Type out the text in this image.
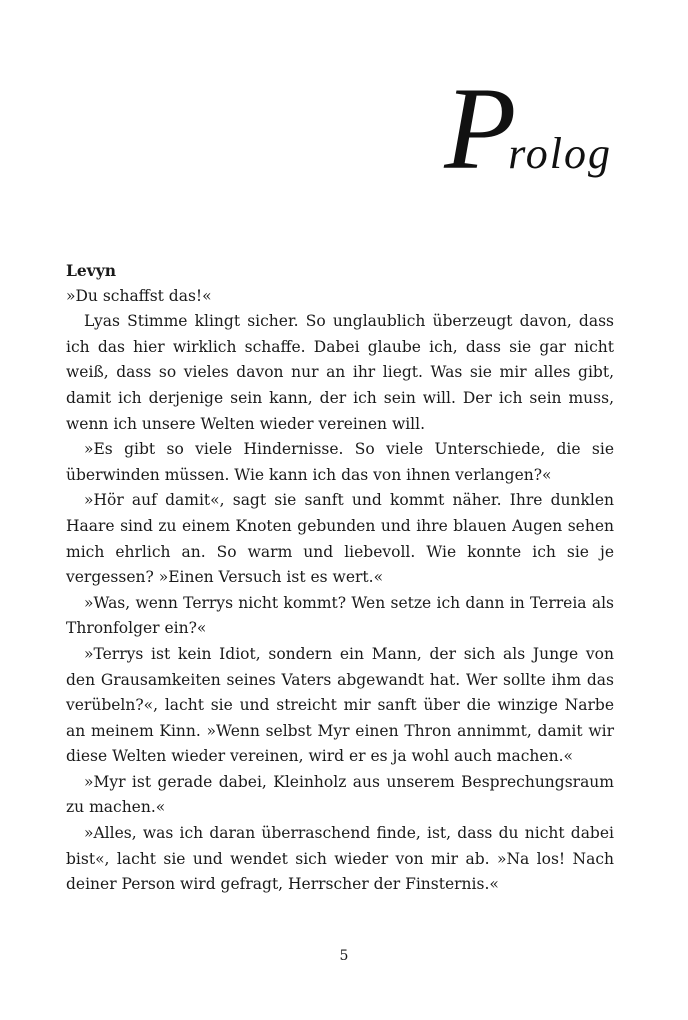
Prolog

Levyn

»Du schaffst das!«

Lyas Stimme klingt sicher. So unglaublich überzeugt davon, dass ich das hier wirklich schaffe. Dabei glaube ich, dass sie gar nicht weiß, dass so vieles davon nur an ihr liegt. Was sie mir alles gibt, damit ich derjenige sein kann, der ich sein will. Der ich sein muss, wenn ich unsere Welten wieder vereinen will.

»Es gibt so viele Hindernisse. So viele Unterschiede, die sie überwinden müssen. Wie kann ich das von ihnen verlangen?«

»Hör auf damit«, sagt sie sanft und kommt näher. Ihre dunklen Haare sind zu einem Knoten gebunden und ihre blauen Augen sehen mich ehrlich an. So warm und liebevoll. Wie konnte ich sie je vergessen? »Einen Versuch ist es wert.«

»Was, wenn Terrys nicht kommt? Wen setze ich dann in Terreia als Thronfolger ein?«

»Terrys ist kein Idiot, sondern ein Mann, der sich als Junge von den Grausamkeiten seines Vaters abgewandt hat. Wer sollte ihm das verübeln?«, lacht sie und streicht mir sanft über die winzige Narbe an meinem Kinn. »Wenn selbst Myr einen Thron annimmt, damit wir diese Welten wieder vereinen, wird er es ja wohl auch machen.«

»Myr ist gerade dabei, Kleinholz aus unserem Besprechungsraum zu machen.«

»Alles, was ich daran überraschend finde, ist, dass du nicht dabei bist«, lacht sie und wendet sich wieder von mir ab. »Na los! Nach deiner Person wird gefragt, Herrscher der Finsternis.«

5
